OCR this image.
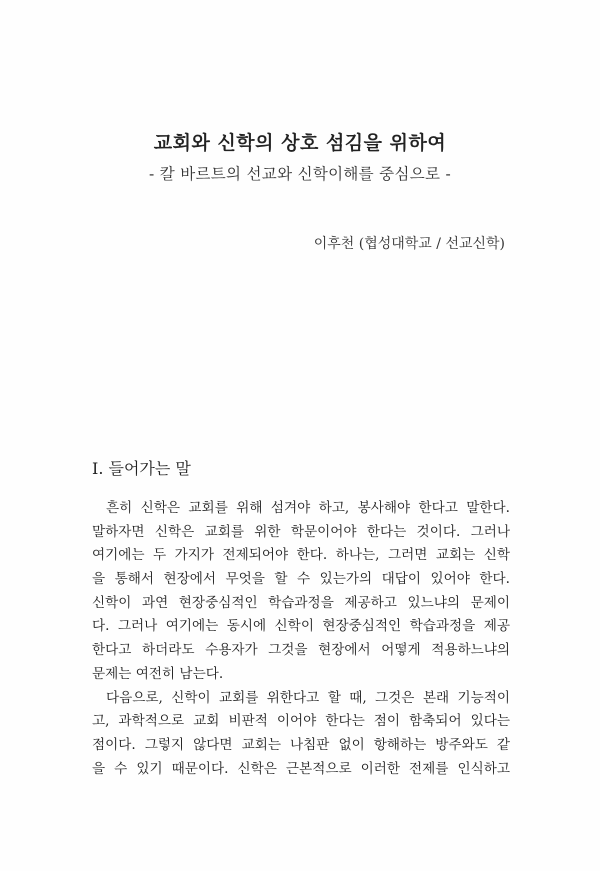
교회와 신학의 상호 섬김을 위하여
- 칼 바르트의 선교와 신학이해를 중심으로 -
이후천 (협성대학교 / 선교신학)
I. 들어가는 말
흔히 신학은 교회를 위해 섬겨야 하고, 봉사해야 한다고 말한다.
말하자면 신학은 교회를 위한 학문이어야 한다는 것이다. 그러나
여기에는 두 가지가 전제되어야 한다. 하나는, 그러면 교회는 신학
을 통해서 현장에서 무엇을 할 수 있는가의 대답이 있어야 한다.
신학이 과연 현장중심적인 학습과정을 제공하고 있느냐의 문제이
다. 그러나 여기에는 동시에 신학이 현장중심적인 학습과정을 제공
한다고 하더라도 수용자가 그것을 현장에서 어떻게 적용하느냐의
문제는 여전히 남는다.
다음으로, 신학이 교회를 위한다고 할 때, 그것은 본래 기능적이
고, 과학적으로 교회 비판적 이어야 한다는 점이 함축되어 있다는
점이다. 그렇지 않다면 교회는 나침판 없이 항해하는 방주와도 같
을 수 있기 때문이다. 신학은 근본적으로 이러한 전제를 인식하고
